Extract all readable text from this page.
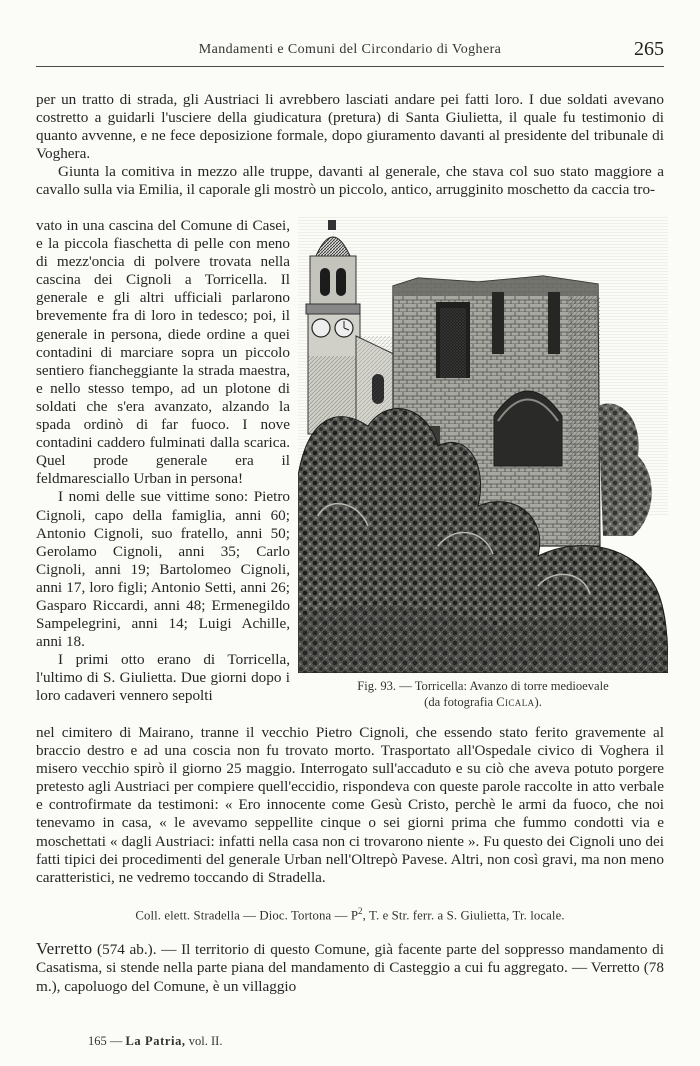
Mandamenti e Comuni del Circondario di Voghera	265

per un tratto di strada, gli Austriaci li avrebbero lasciati andare pei fatti loro. I due soldati avevano costretto a guidarli l'usciere della giudicatura (pretura) di Santa Giulietta, il quale fu testimonio di quanto avvenne, e ne fece deposizione formale, dopo giuramento davanti al presidente del tribunale di Voghera.

Giunta la comitiva in mezzo alle truppe, davanti al generale, che stava col suo stato maggiore a cavallo sulla via Emilia, il caporale gli mostrò un piccolo, antico, arrugginito moschetto da caccia tro-

vato in una cascina del Comune di Casei, e la piccola fiaschetta di pelle con meno di mezz'oncia di polvere trovata nella cascina dei Cignoli a Torricella. Il generale e gli altri ufficiali parlarono brevemente fra di loro in tedesco; poi, il generale in persona, diede ordine a quei contadini di marciare sopra un piccolo sentiero fiancheggiante la strada maestra, e nello stesso tempo, ad un plotone di soldati che s'era avanzato, alzando la spada ordinò di far fuoco. I nove contadini caddero fulminati dalla scarica. Quel prode generale era il feldmaresciallo Urban in persona!

I nomi delle sue vittime sono: Pietro Cignoli, capo della famiglia, anni 60; Antonio Cignoli, suo fratello, anni 50; Gerolamo Cignoli, anni 35; Carlo Cignoli, anni 19; Bartolomeo Cignoli, anni 17, loro figli; Antonio Setti, anni 26; Gasparo Riccardi, anni 48; Ermenegildo Sampelegrini, anni 14; Luigi Achille, anni 18.

I primi otto erano di Torricella, l'ultimo di S. Giulietta. Due giorni dopo i loro cadaveri vennero sepolti

Fig. 93. — Torricella: Avanzo di torre medioevale
(da fotografia Cicala).

nel cimitero di Mairano, tranne il vecchio Pietro Cignoli, che essendo stato ferito gravemente al braccio destro e ad una coscia non fu trovato morto. Trasportato all'Ospedale civico di Voghera il misero vecchio spirò il giorno 25 maggio. Interrogato sull'accaduto e su ciò che aveva potuto porgere pretesto agli Austriaci per compiere quell'eccidio, rispondeva con queste parole raccolte in atto verbale e controfirmate da testimoni: « Ero innocente come Gesù Cristo, perchè le armi da fuoco, che noi tenevamo in casa, « le avevamo seppellite cinque o sei giorni prima che fummo condotti via e moschettati « dagli Austriaci: infatti nella casa non ci trovarono niente ». Fu questo dei Cignoli uno dei fatti tipici dei procedimenti del generale Urban nell'Oltrepò Pavese. Altri, non così gravi, ma non meno caratteristici, ne vedremo toccando di Stradella.

Coll. elett. Stradella — Dioc. Tortona — $P^2$, T. e Str. ferr. a S. Giulietta, Tr. locale.
Verretto (574 ab.). — Il territorio di questo Comune, già facente parte del soppresso mandamento di Casatisma, si stende nella parte piana del mandamento di Casteggio a cui fu aggregato. — Verretto (78 m.), capoluogo del Comune, è un villaggio
165 — La Patria, vol. II.
